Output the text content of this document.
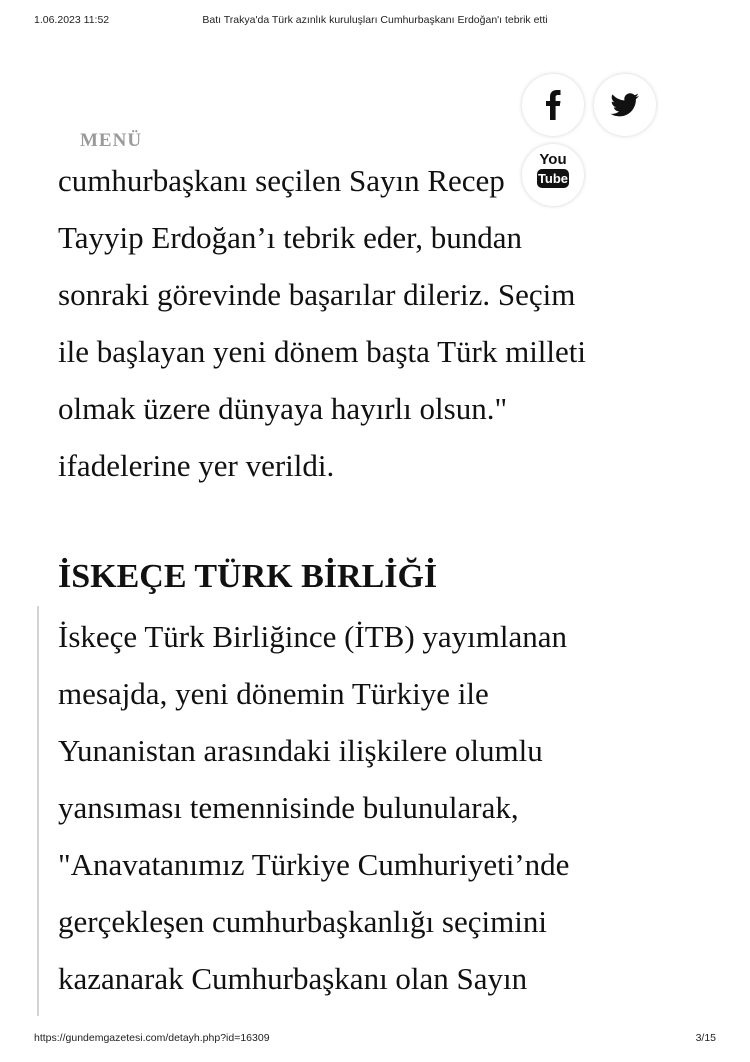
1.06.2023 11:52	Batı Trakya'da Türk azınlık kuruluşları Cumhurbaşkanı Erdoğan'ı tebrik etti

cumhurbaşkanı seçilen Sayın Recep
Tayyip Erdoğan’ı tebrik eder, bundan
sonraki görevinde başarılar dileriz. Seçim
ile başlayan yeni dönem başta Türk milleti
olmak üzere dünyaya hayırlı olsun."
ifadelerine yer verildi.

İSKEÇE TÜRK BİRLİĞİ

İskeçe Türk Birliğince (İTB) yayımlanan
mesajda, yeni dönemin Türkiye ile
Yunanistan arasındaki ilişkilere olumlu
yansıması temennisinde bulunularak,
"Anavatanımız Türkiye Cumhuriyeti’nde
gerçekleşen cumhurbaşkanlığı seçimini
kazanarak Cumhurbaşkanı olan Sayın

MENÜ
You
Tube
https://gundemgazetesi.com/detayh.php?id=16309	3/15
